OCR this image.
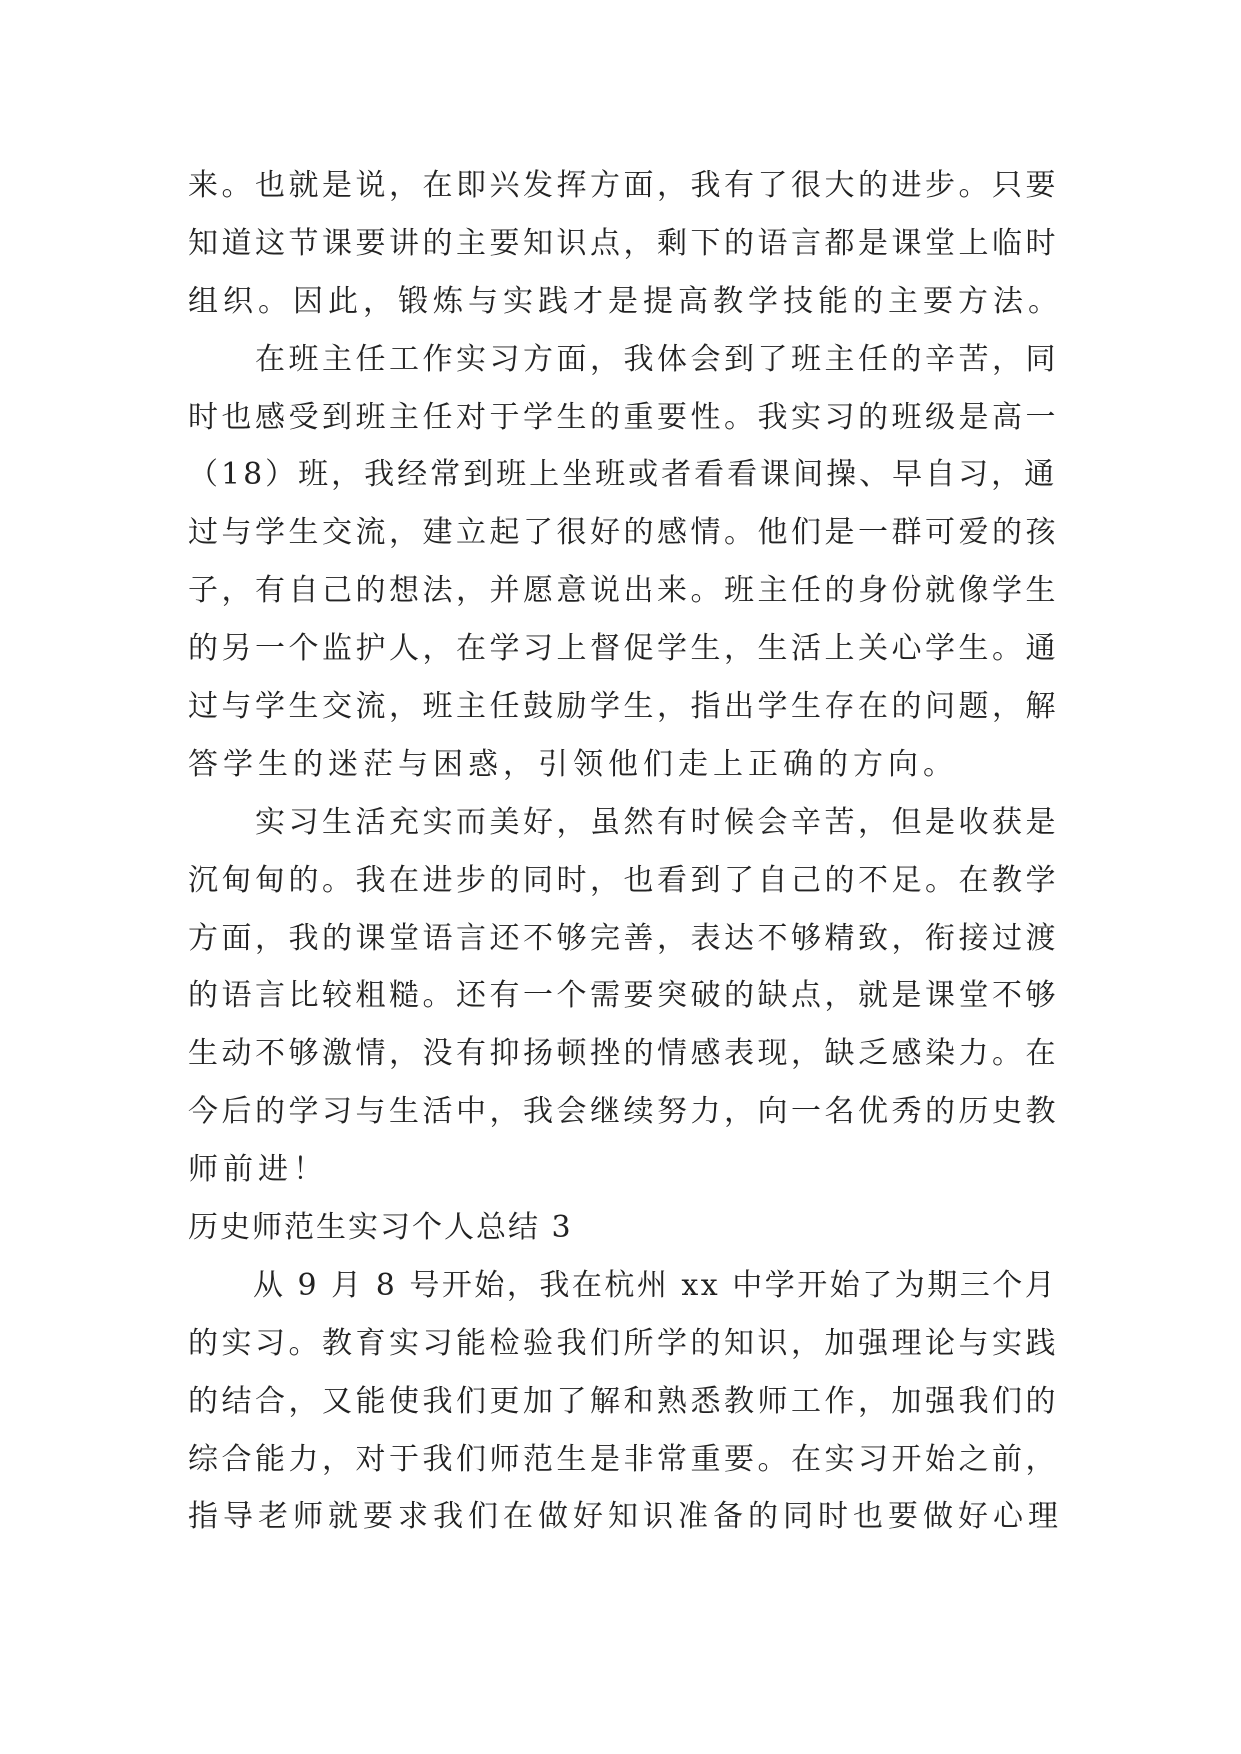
来。也就是说，在即兴发挥方面，我有了很大的进步。只要
知道这节课要讲的主要知识点，剩下的语言都是课堂上临时
组织。因此，锻炼与实践才是提高教学技能的主要方法。
　　在班主任工作实习方面，我体会到了班主任的辛苦，同
时也感受到班主任对于学生的重要性。我实习的班级是高一
（18）班，我经常到班上坐班或者看看课间操、早自习，通
过与学生交流，建立起了很好的感情。他们是一群可爱的孩
子，有自己的想法，并愿意说出来。班主任的身份就像学生
的另一个监护人，在学习上督促学生，生活上关心学生。通
过与学生交流，班主任鼓励学生，指出学生存在的问题，解
答学生的迷茫与困惑，引领他们走上正确的方向。
　　实习生活充实而美好，虽然有时候会辛苦，但是收获是
沉甸甸的。我在进步的同时，也看到了自己的不足。在教学
方面，我的课堂语言还不够完善，表达不够精致，衔接过渡
的语言比较粗糙。还有一个需要突破的缺点，就是课堂不够
生动不够激情，没有抑扬顿挫的情感表现，缺乏感染力。在
今后的学习与生活中，我会继续努力，向一名优秀的历史教
师前进！
历史师范生实习个人总结 3
　　从 9 月 8 号开始，我在杭州 xx 中学开始了为期三个月
的实习。教育实习能检验我们所学的知识，加强理论与实践
的结合，又能使我们更加了解和熟悉教师工作，加强我们的
综合能力，对于我们师范生是非常重要。在实习开始之前，
指导老师就要求我们在做好知识准备的同时也要做好心理
